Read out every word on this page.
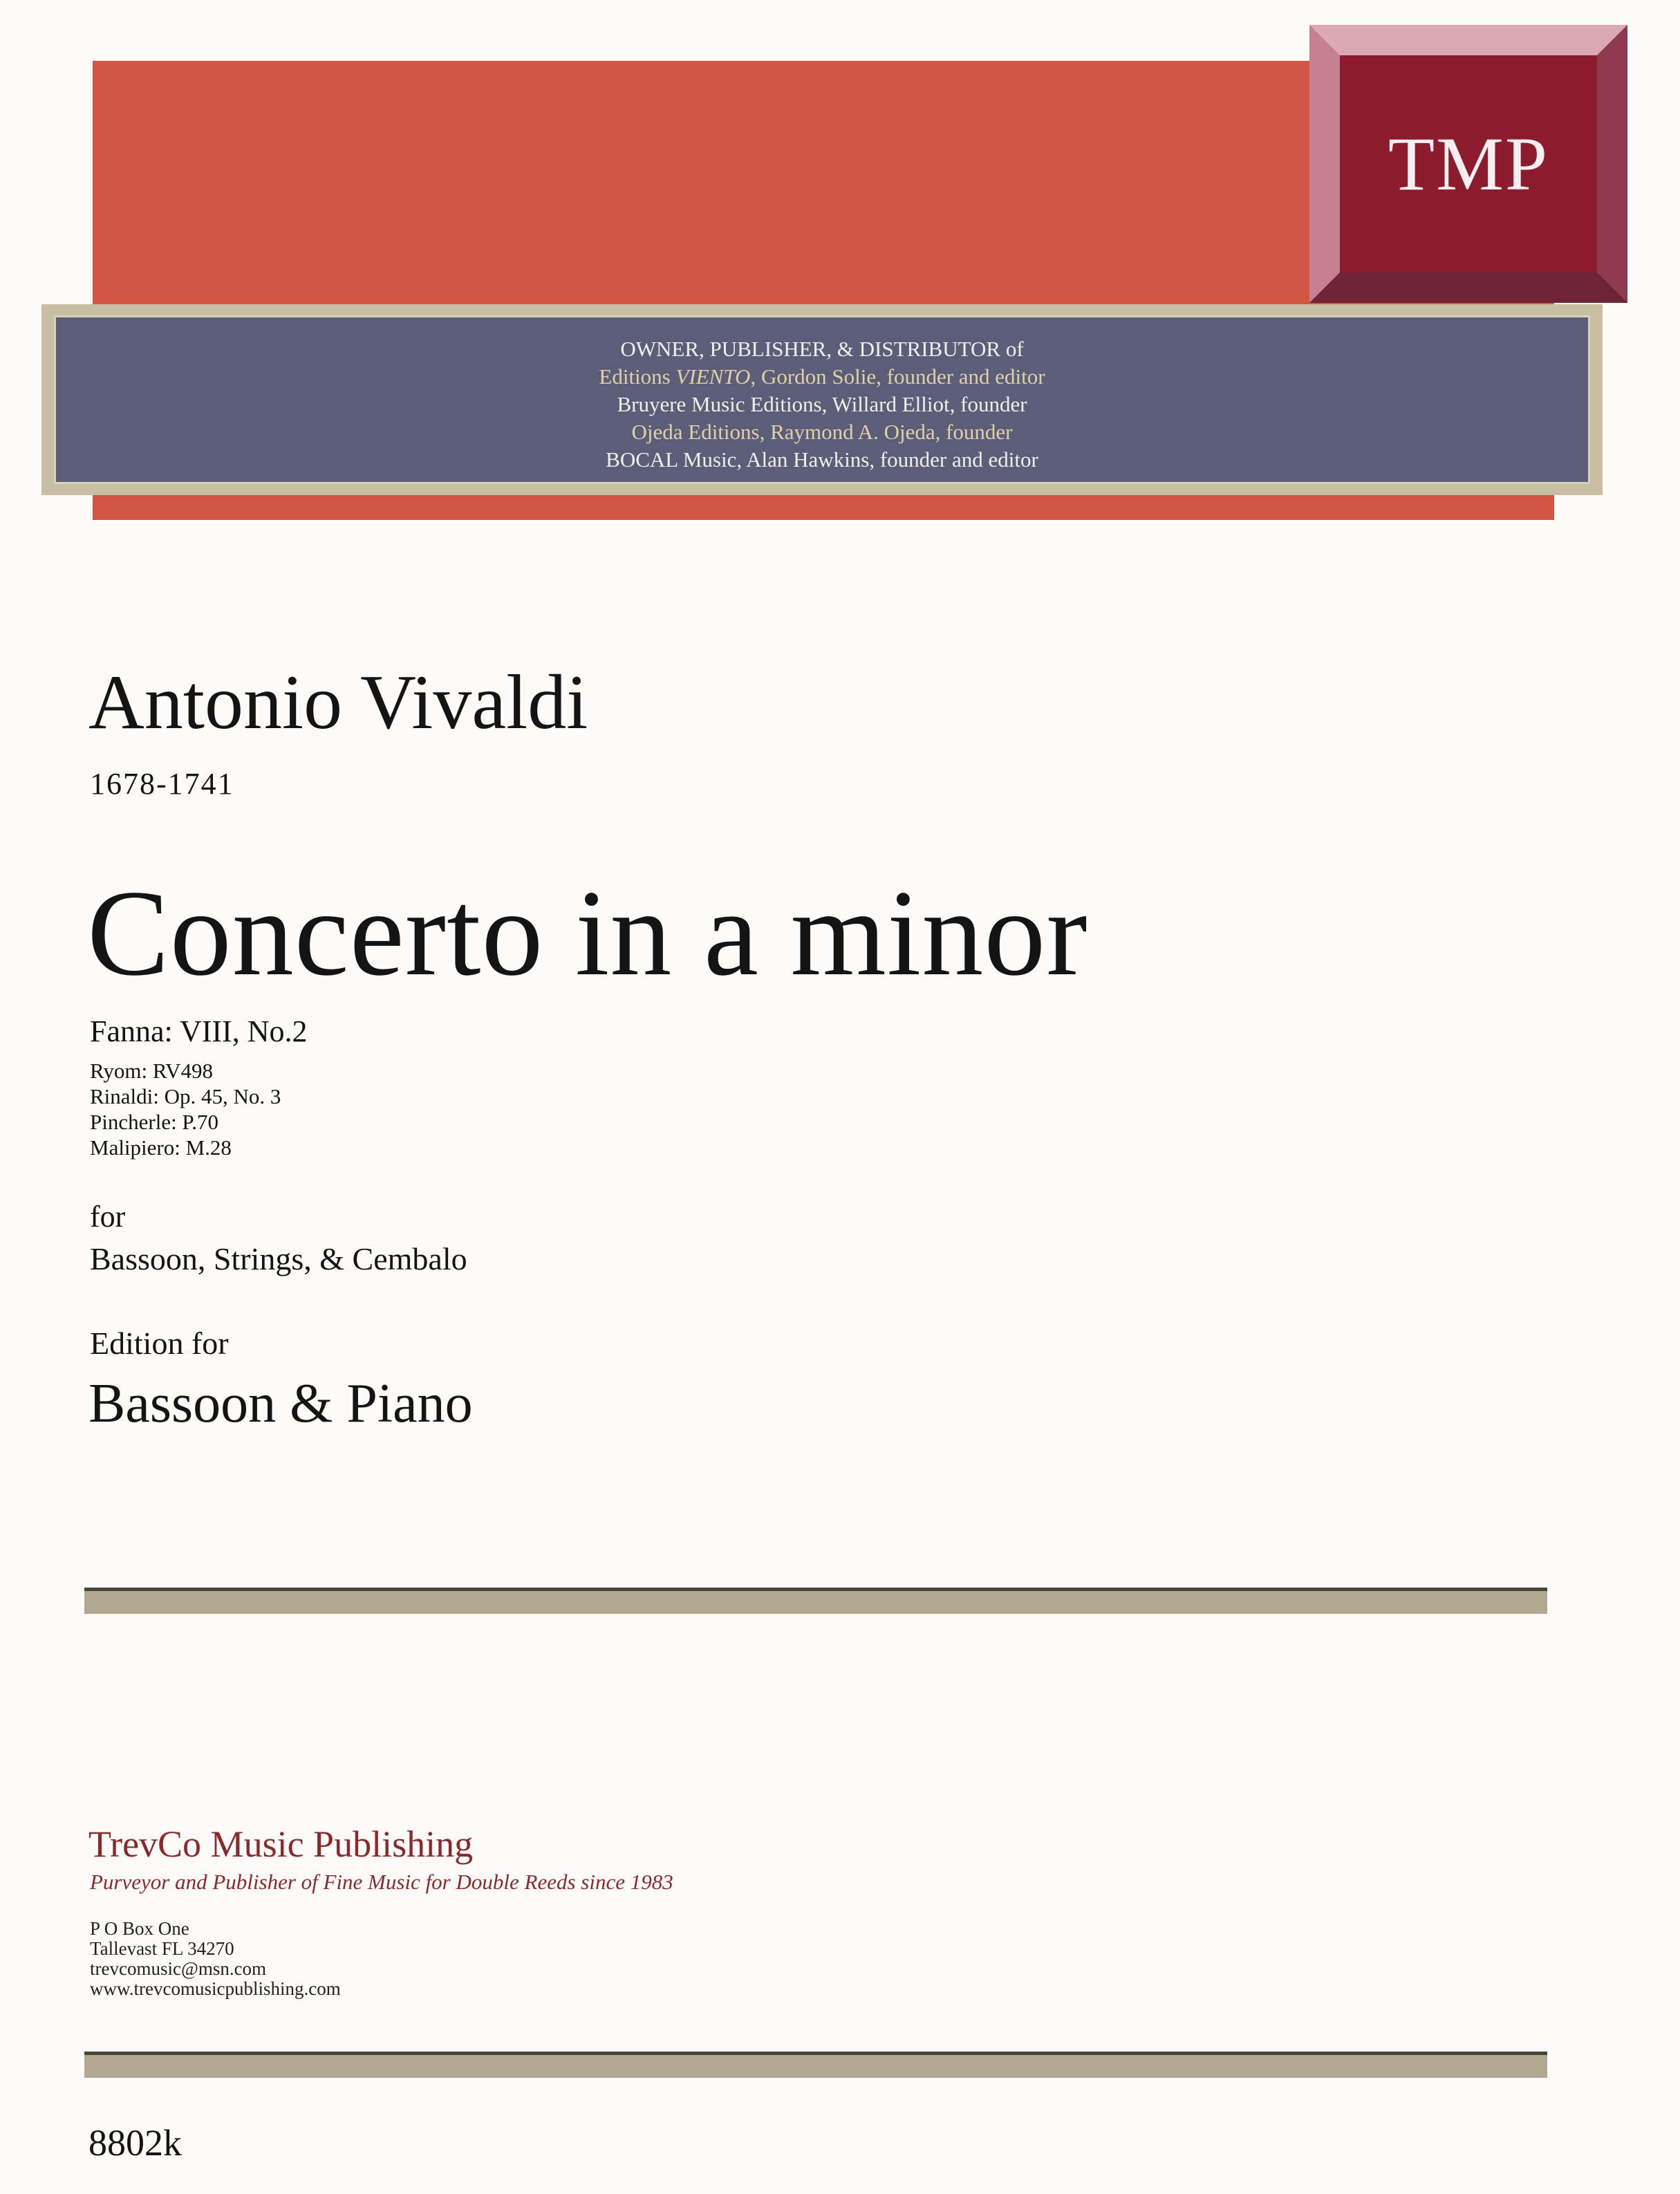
OWNER, PUBLISHER, & DISTRIBUTOR of
Editions VIENTO, Gordon Solie, founder and editor
Bruyere Music Editions, Willard Elliot, founder
Ojeda Editions, Raymond A. Ojeda, founder
BOCAL Music, Alan Hawkins, founder and editor
TMP
Antonio Vivaldi
1678-1741
Concerto in a minor
Fanna: VIII, No.2
Ryom: RV498
Rinaldi: Op. 45, No. 3
Pincherle: P.70
Malipiero: M.28
for
Bassoon, Strings, & Cembalo
Edition for
Bassoon & Piano
TrevCo Music Publishing
Purveyor and Publisher of Fine Music for Double Reeds since 1983
P O Box One
Tallevast FL 34270
trevcomusic@msn.com
www.trevcomusicpublishing.com
8802k
